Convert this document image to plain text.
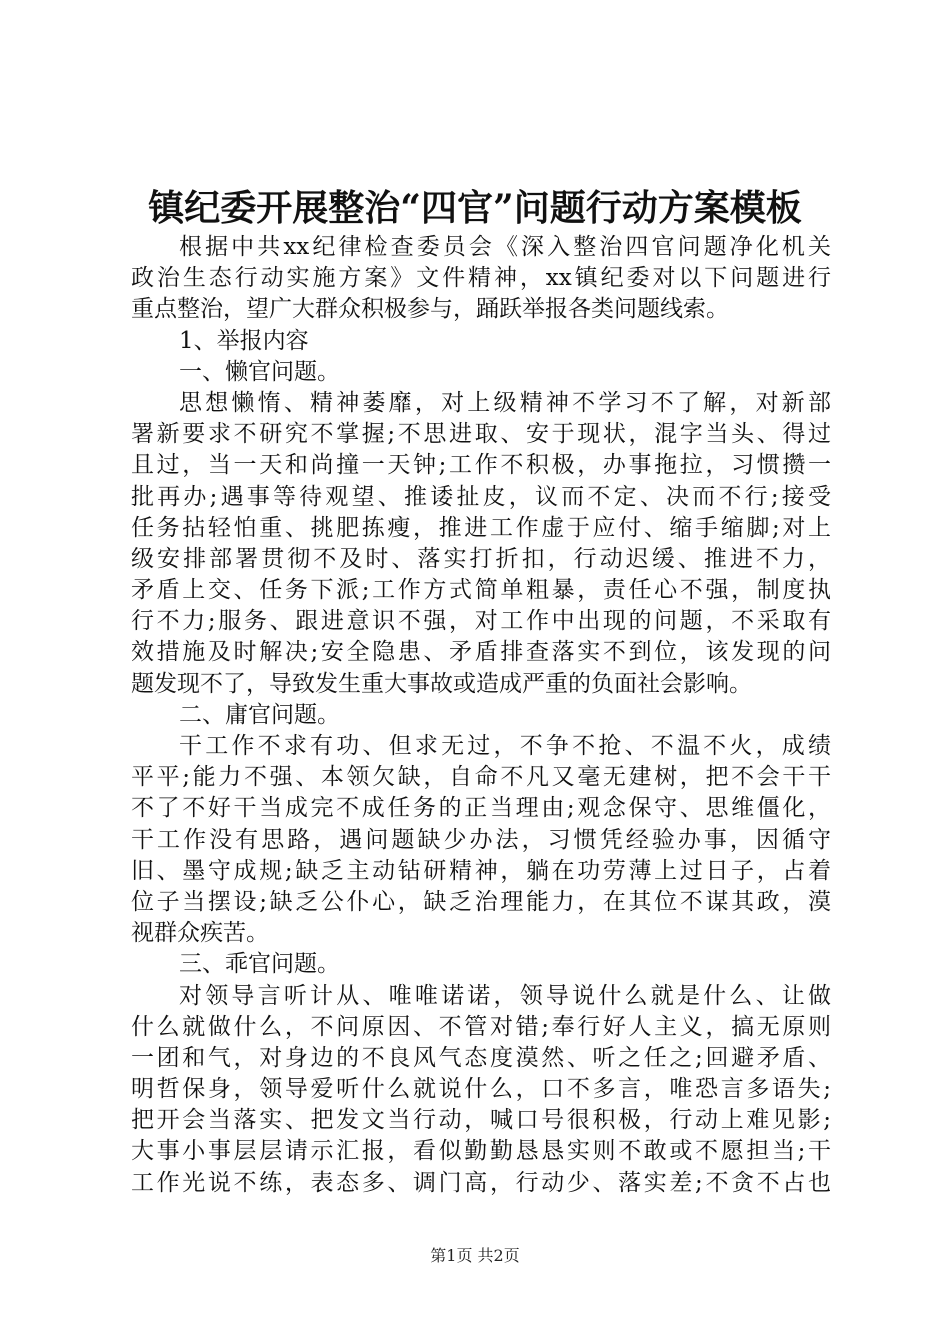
镇纪委开展整治“四官”问题行动方案模板
根据中共xx纪律检查委员会《深入整治四官问题净化机关
政治生态行动实施方案》文件精神，xx镇纪委对以下问题进行
重点整治，望广大群众积极参与，踊跃举报各类问题线索。
1、举报内容
一、懒官问题。
思想懒惰、精神萎靡，对上级精神不学习不了解，对新部
署新要求不研究不掌握;不思进取、安于现状，混字当头、得过
且过，当一天和尚撞一天钟;工作不积极，办事拖拉，习惯攒一
批再办;遇事等待观望、推诿扯皮，议而不定、决而不行;接受
任务拈轻怕重、挑肥拣瘦，推进工作虚于应付、缩手缩脚;对上
级安排部署贯彻不及时、落实打折扣，行动迟缓、推进不力，
矛盾上交、任务下派;工作方式简单粗暴，责任心不强，制度执
行不力;服务、跟进意识不强，对工作中出现的问题，不采取有
效措施及时解决;安全隐患、矛盾排查落实不到位，该发现的问
题发现不了，导致发生重大事故或造成严重的负面社会影响。
二、庸官问题。
干工作不求有功、但求无过，不争不抢、不温不火，成绩
平平;能力不强、本领欠缺，自命不凡又毫无建树，把不会干干
不了不好干当成完不成任务的正当理由;观念保守、思维僵化，
干工作没有思路，遇问题缺少办法，习惯凭经验办事，因循守
旧、墨守成规;缺乏主动钻研精神，躺在功劳薄上过日子，占着
位子当摆设;缺乏公仆心，缺乏治理能力，在其位不谋其政，漠
视群众疾苦。
三、乖官问题。
对领导言听计从、唯唯诺诺，领导说什么就是什么、让做
什么就做什么，不问原因、不管对错;奉行好人主义，搞无原则
一团和气，对身边的不良风气态度漠然、听之任之;回避矛盾、
明哲保身，领导爱听什么就说什么，口不多言，唯恐言多语失;
把开会当落实、把发文当行动，喊口号很积极，行动上难见影;
大事小事层层请示汇报，看似勤勤恳恳实则不敢或不愿担当;干
工作光说不练，表态多、调门高，行动少、落实差;不贪不占也
第1页 共2页
